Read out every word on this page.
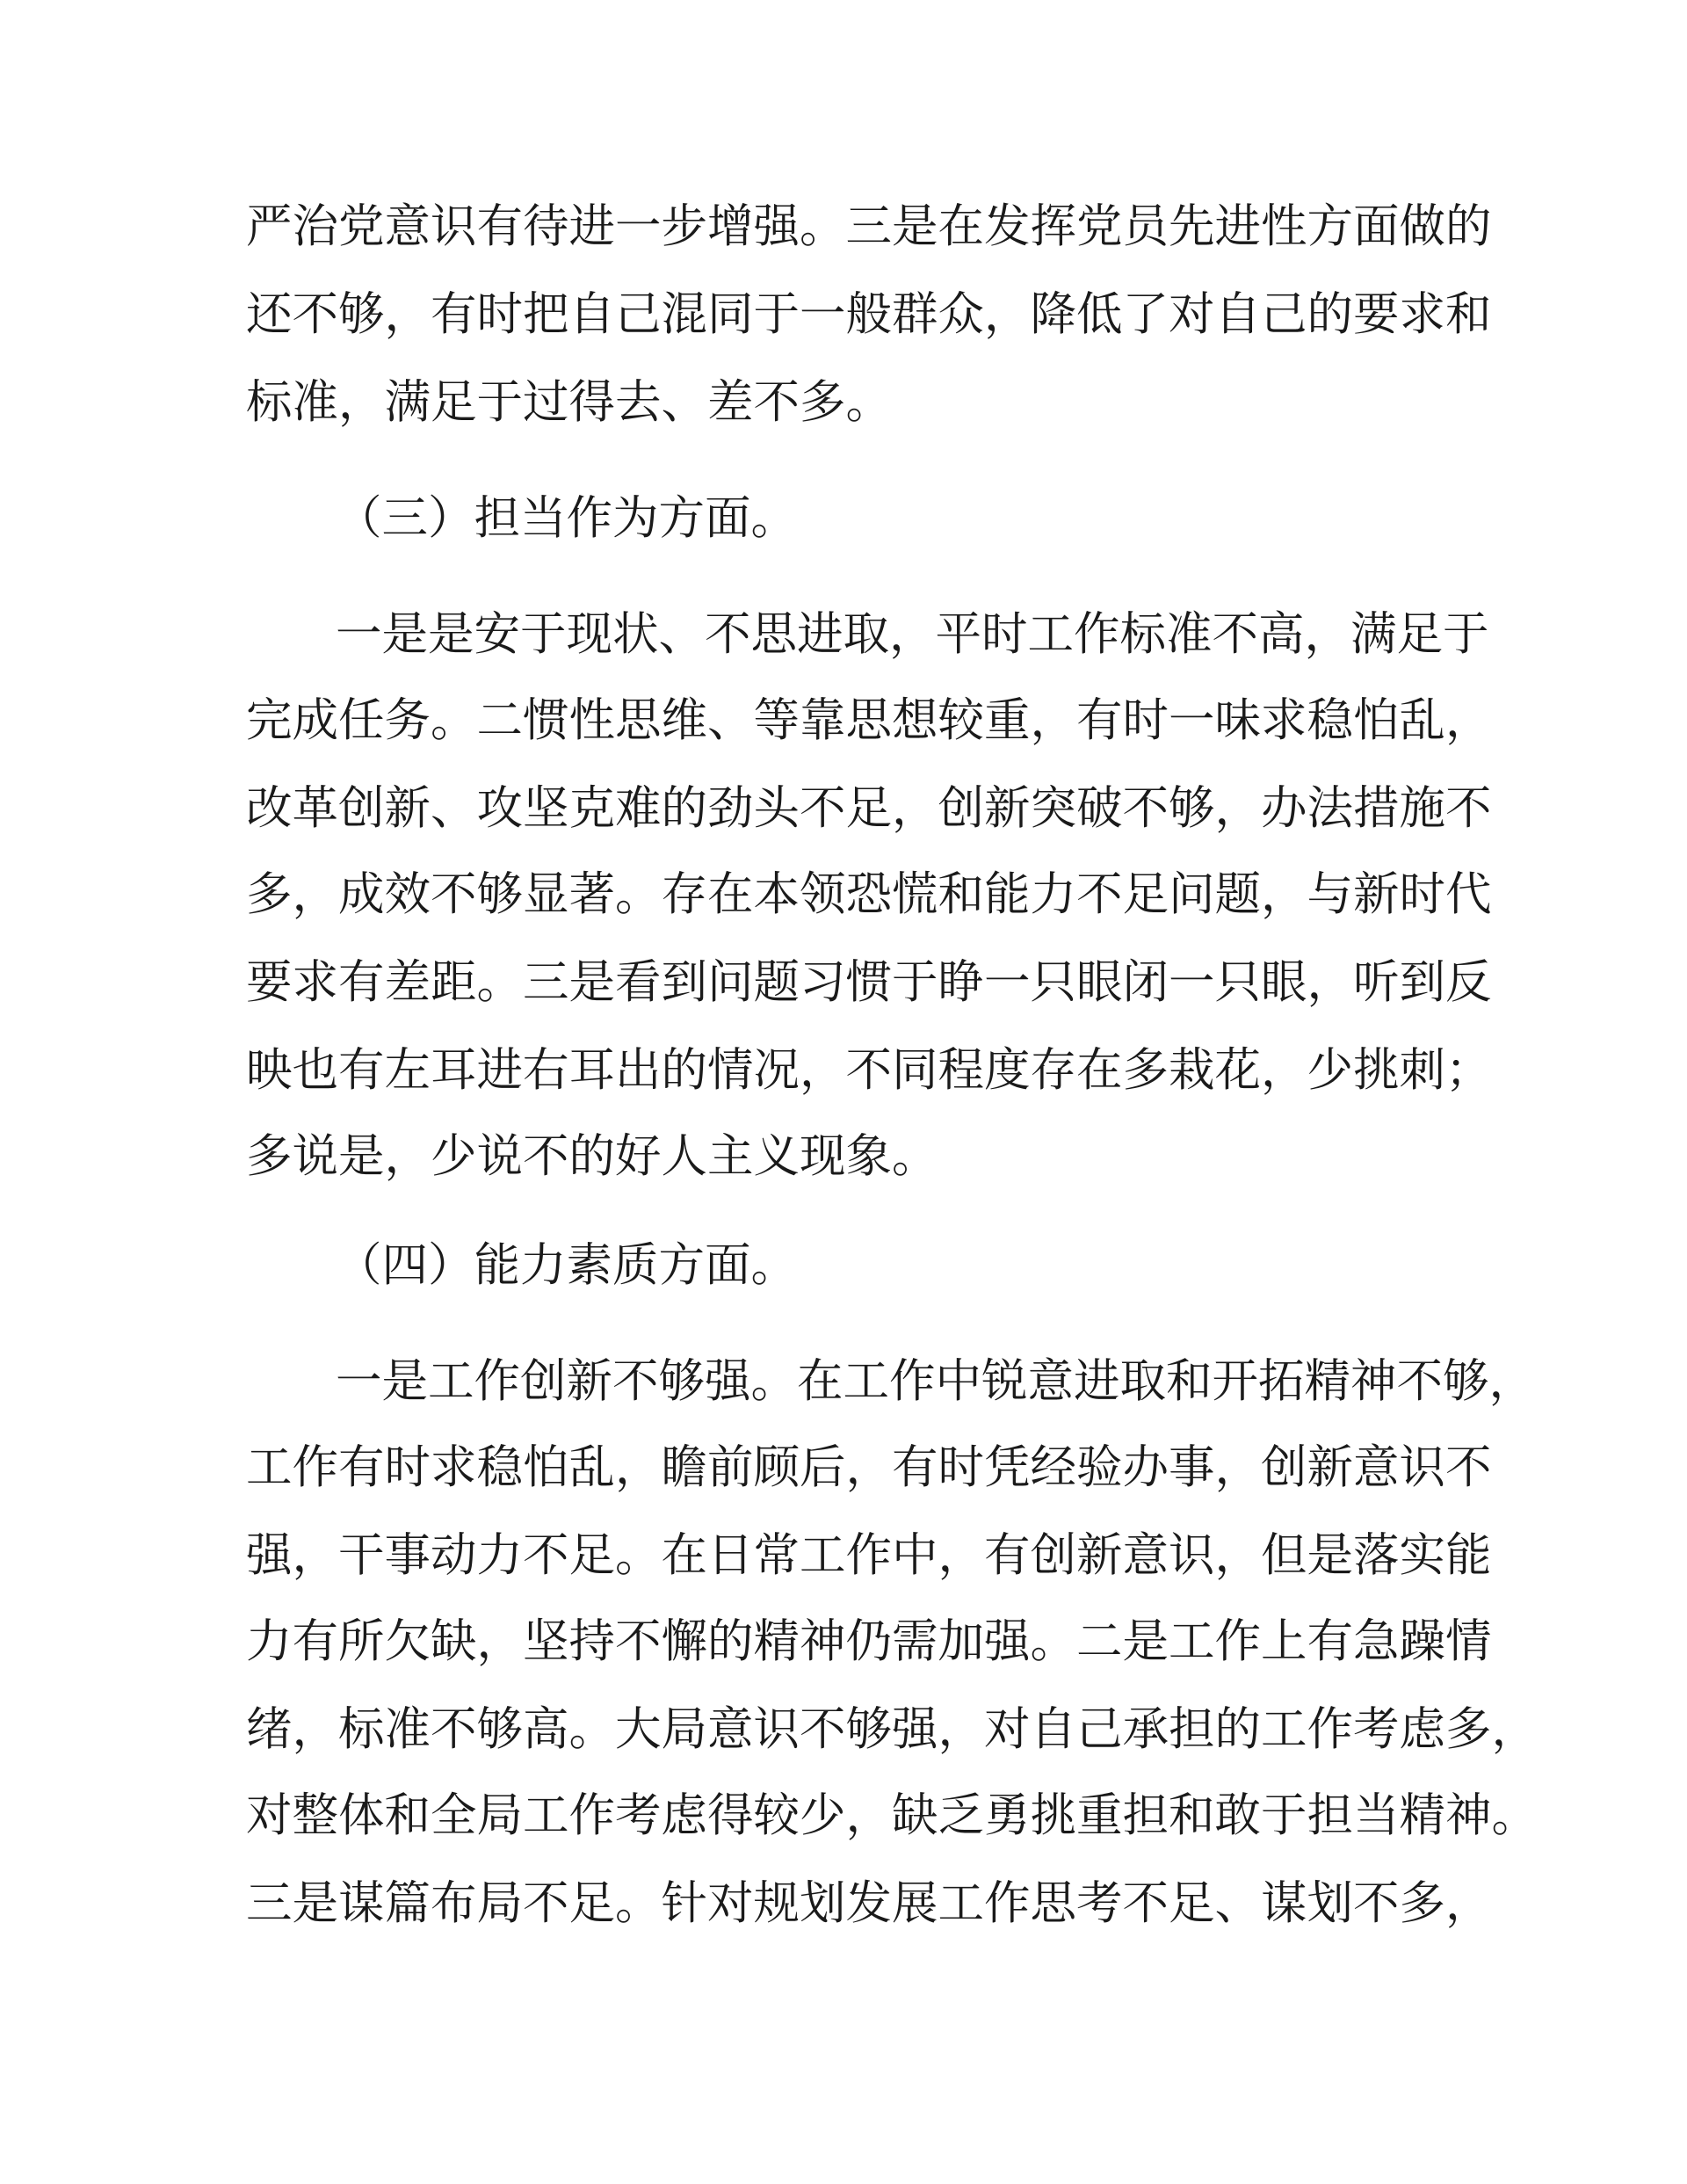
严治党意识有待进一步增强。三是在发挥党员先进性方面做的
还不够，有时把自己混同于一般群众，降低了对自己的要求和
标准，满足于过得去、差不多。
（三）担当作为方面。
一是是安于现状、不思进取，平时工作标准不高，满足于
完成任务。二惯性思维、等靠思想较重，有时一味求稳怕乱，
改革创新、攻坚克难的劲头不足，创新突破不够，办法措施不
多，成效不够显著。存在本领恐慌和能力不足问题，与新时代
要求有差距。三是看到问题习惯于睁一只眼闭一只眼，听到反
映也有左耳进右耳出的情况，不同程度存在多栽花，少挑刺；
多说是，少说不的好人主义现象。
（四）能力素质方面。
一是工作创新不够强。在工作中锐意进取和开拓精神不够，
工作有时求稳怕乱，瞻前顾后，有时凭经验办事，创新意识不
强，干事动力不足。在日常工作中，有创新意识，但是落实能
力有所欠缺，坚持不懈的精神仍需加强。二是工作上有急躁情
绪，标准不够高。大局意识不够强，对自己承担的工作考虑多，
对整体和全局工作考虑得较少，缺乏勇挑重担和敢于担当精神。
三是谋篇布局不足。针对规划发展工作思考不足、谋划不多，
